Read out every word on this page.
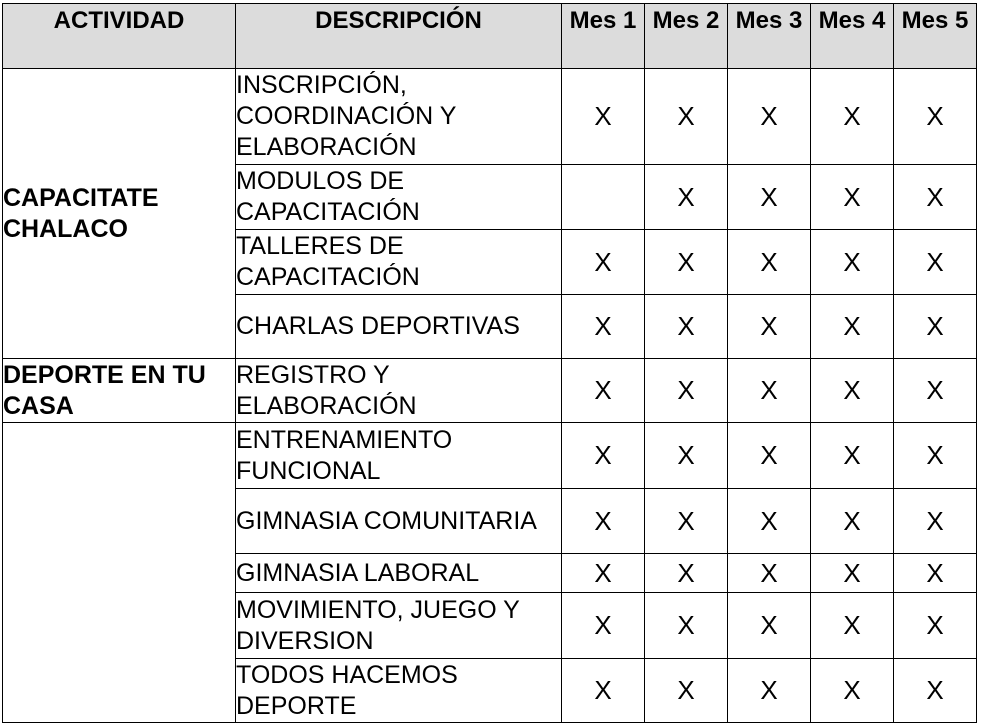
ACTIVIDAD	DESCRIPCIÓN	Mes 1	Mes 2	Mes 3	Mes 4	Mes 5
CAPACITATE CHALACO	INSCRIPCIÓN, COORDINACIÓN Y ELABORACIÓN	X	X	X	X	X
	MODULOS DE CAPACITACIÓN		X	X	X	X
	TALLERES DE CAPACITACIÓN	X	X	X	X	X
	CHARLAS DEPORTIVAS	X	X	X	X	X
DEPORTE EN TU CASA	REGISTRO Y ELABORACIÓN	X	X	X	X	X
	ENTRENAMIENTO FUNCIONAL	X	X	X	X	X
	GIMNASIA COMUNITARIA	X	X	X	X	X
	GIMNASIA LABORAL	X	X	X	X	X
	MOVIMIENTO, JUEGO Y DIVERSION	X	X	X	X	X
	TODOS HACEMOS DEPORTE	X	X	X	X	X
